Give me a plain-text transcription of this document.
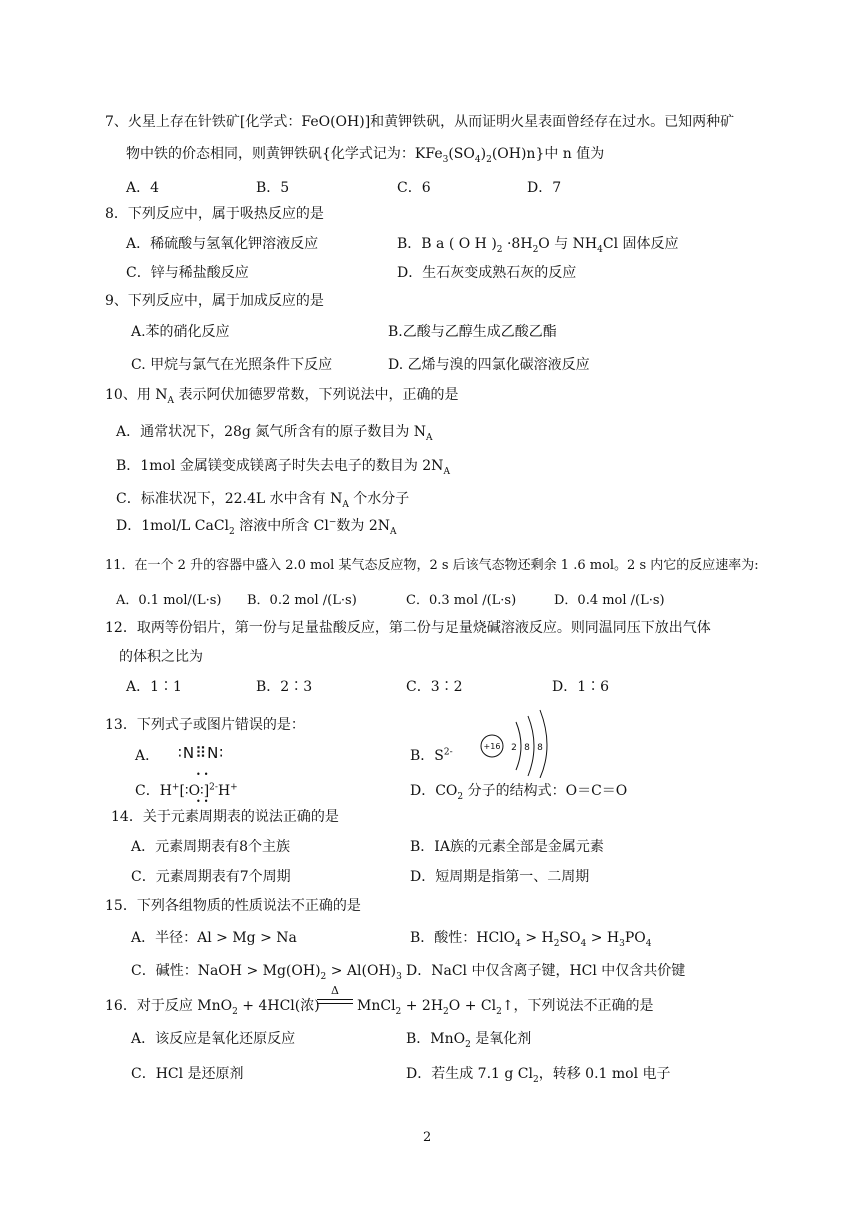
7、火星上存在针铁矿[化学式：FeO(OH)]和黄钾铁矾，从而证明火星表面曾经存在过水。已知两种矿
物中铁的价态相同，则黄钾铁矾{化学式记为：$KFe_3(SO_4)_2(OH)n$}中 n 值为
A．4	B．5	C．6	D．7
8．下列反应中，属于吸热反应的是
A．稀硫酸与氢氧化钾溶液反应	B．B a ( O H )$_2 \cdot 8H_2O$ 与 $NH_4Cl$ 固体反应
C．锌与稀盐酸反应	D．生石灰变成熟石灰的反应
9、下列反应中，属于加成反应的是
A.苯的硝化反应	B.乙酸与乙醇生成乙酸乙酯
C. 甲烷与氯气在光照条件下反应	D. 乙烯与溴的四氯化碳溶液反应
10、用 $N_A$ 表示阿伏加德罗常数，下列说法中，正确的是
A．通常状况下，28g 氮气所含有的原子数目为 $N_A$
B．1mol 金属镁变成镁离子时失去电子的数目为 $2N_A$
C．标准状况下，22.4L 水中含有 $N_A$ 个水分子
D．1mol/L CaCl$_2$ 溶液中所含 Cl−数为 $2N_A$
11．在一个 2 升的容器中盛入 2.0 mol 某气态反应物，2 s 后该气态物还剩余 1 .6 mol。2 s 内它的反应速率为:
A．0.1 mol/(L·s) B．0.2 mol /(L·s)	C．0.3 mol /(L·s)	D．0.4 mol /(L·s)
12．取两等份铝片，第一份与足量盐酸反应，第二份与足量烧碱溶液反应。则同温同压下放出气体
的体积之比为
A．1∶1	B．2∶3	C．3∶2	D．1∶6
13．下列式子或图片错误的是：
A． ∶N⠿N∶	B．$S^{2-}$
+16 2 8 8
C．H+[∶O∶]$^{2-}$H+
••
••
D．$CO_2$ 分子的结构式：O＝C＝O
14．关于元素周期表的说法正确的是
A．元素周期表有8个主族	B．IA族的元素全部是金属元素
C．元素周期表有7个周期	D．短周期是指第一、二周期
15．下列各组物质的性质说法不正确的是
A．半径：Al > Mg > Na	B．酸性：HClO$_4$ > $H_2SO_4 > H_3PO_4$
C．碱性：NaOH > $Mg(OH)_2 > Al(OH)_3$ D．NaCl 中仅含离子键，HCl 中仅含共价键
16．对于反应 MnO$_2$ + 4HCl(浓)
Δ
MnCl$_2$ + $2H_2O$ + $Cl_2↑$，下列说法不正确的是
A．该反应是氧化还原反应	B．MnO$_2$ 是氧化剂
C．HCl 是还原剂	D．若生成 7.1 g $Cl_2$，转移 0.1 mol 电子
2
